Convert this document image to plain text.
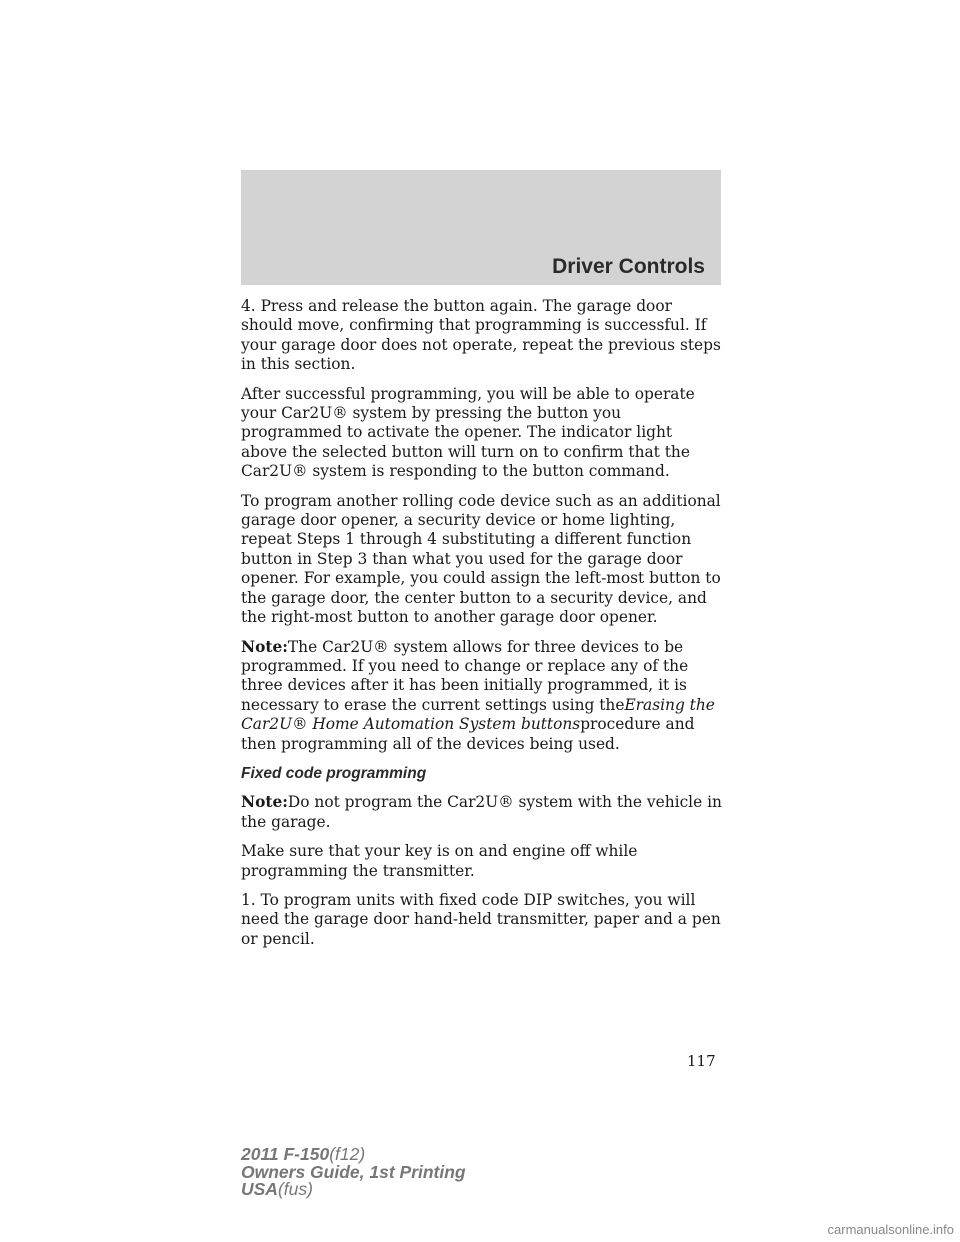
Driver Controls

4. Press and release the button again. The garage door should move, confirming that programming is successful. If your garage door does not operate, repeat the previous steps in this section.

After successful programming, you will be able to operate your Car2U® system by pressing the button you programmed to activate the opener. The indicator light above the selected button will turn on to confirm that the Car2U® system is responding to the button command.

To program another rolling code device such as an additional garage door opener, a security device or home lighting, repeat Steps 1 through 4 substituting a different function button in Step 3 than what you used for the garage door opener. For example, you could assign the left-most button to the garage door, the center button to a security device, and the right-most button to another garage door opener.

Note:The Car2U® system allows for three devices to be programmed. If you need to change or replace any of the three devices after it has been initially programmed, it is necessary to erase the current settings using theErasing the Car2U® Home Automation System buttonsprocedure and then programming all of the devices being used.

Fixed code programming

Note:Do not program the Car2U® system with the vehicle in the garage.

Make sure that your key is on and engine off while programming the transmitter.

1. To program units with fixed code DIP switches, you will need the garage door hand-held transmitter, paper and a pen or pencil.

117
2011 F-150(f12)
Owners Guide, 1st Printing
USA(fus)
carmanualsonline.info
